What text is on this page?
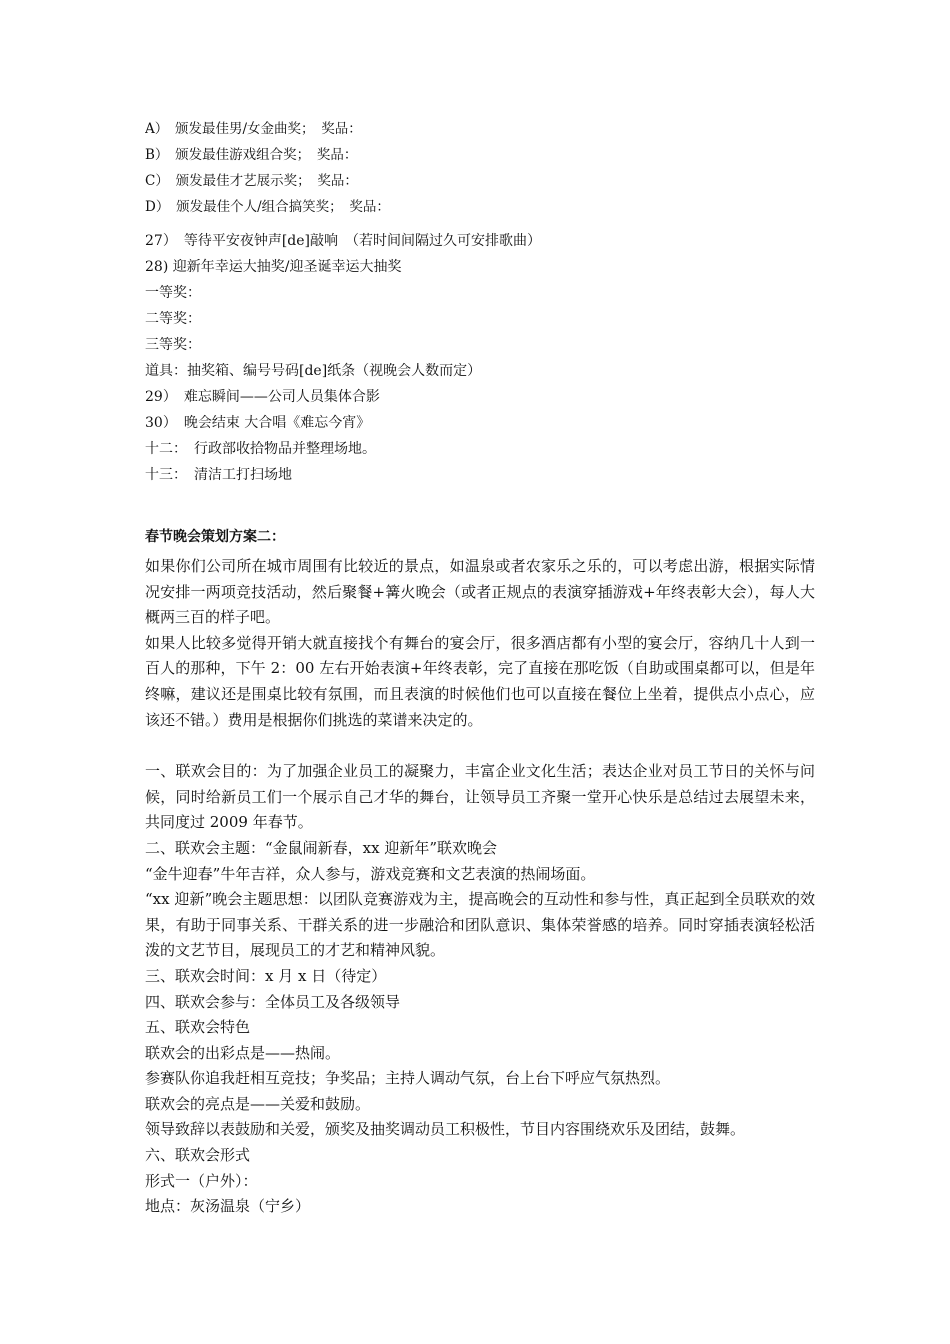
A）　颁发最佳男/女金曲奖；　奖品：
B）　颁发最佳游戏组合奖；　奖品：
C）　颁发最佳才艺展示奖；　奖品：
D）　颁发最佳个人/组合搞笑奖；　奖品：
27）　等待平安夜钟声[de]敲响　（若时间间隔过久可安排歌曲）
28) 迎新年幸运大抽奖/迎圣诞幸运大抽奖
一等奖：
二等奖：
三等奖：
道具：抽奖箱、编号号码[de]纸条（视晚会人数而定）
29）　难忘瞬间——公司人员集体合影
30）　晚会结束 大合唱《难忘今宵》
十二：　行政部收拾物品并整理场地。
十三：　清洁工打扫场地
春节晚会策划方案二：
如果你们公司所在城市周围有比较近的景点，如温泉或者农家乐之乐的，可以考虑出游，根据实际情况安排一两项竞技活动，然后聚餐+篝火晚会（或者正规点的表演穿插游戏+年终表彰大会），每人大概两三百的样子吧。
如果人比较多觉得开销大就直接找个有舞台的宴会厅，很多酒店都有小型的宴会厅，容纳几十人到一百人的那种，下午 2：00 左右开始表演+年终表彰，完了直接在那吃饭（自助或围桌都可以，但是年终嘛，建议还是围桌比较有氛围，而且表演的时候他们也可以直接在餐位上坐着，提供点小点心，应该还不错。）费用是根据你们挑选的菜谱来决定的。
一、联欢会目的：为了加强企业员工的凝聚力，丰富企业文化生活；表达企业对员工节日的关怀与问候，同时给新员工们一个展示自己才华的舞台，让领导员工齐聚一堂开心快乐是总结过去展望未来，共同度过 2009 年春节。
二、联欢会主题：“金鼠闹新春，xx 迎新年”联欢晚会
“金牛迎春”牛年吉祥，众人参与，游戏竞赛和文艺表演的热闹场面。
“xx 迎新”晚会主题思想：以团队竞赛游戏为主，提高晚会的互动性和参与性，真正起到全员联欢的效果，有助于同事关系、干群关系的进一步融洽和团队意识、集体荣誉感的培养。同时穿插表演轻松活泼的文艺节目，展现员工的才艺和精神风貌。
三、联欢会时间：x 月 x 日（待定）
四、联欢会参与：全体员工及各级领导
五、联欢会特色
联欢会的出彩点是——热闹。
参赛队你追我赶相互竞技；争奖品；主持人调动气氛，台上台下呼应气氛热烈。
联欢会的亮点是——关爱和鼓励。
领导致辞以表鼓励和关爱，颁奖及抽奖调动员工积极性，节目内容围绕欢乐及团结，鼓舞。
六、联欢会形式
形式一（户外）：
地点：灰汤温泉（宁乡）
